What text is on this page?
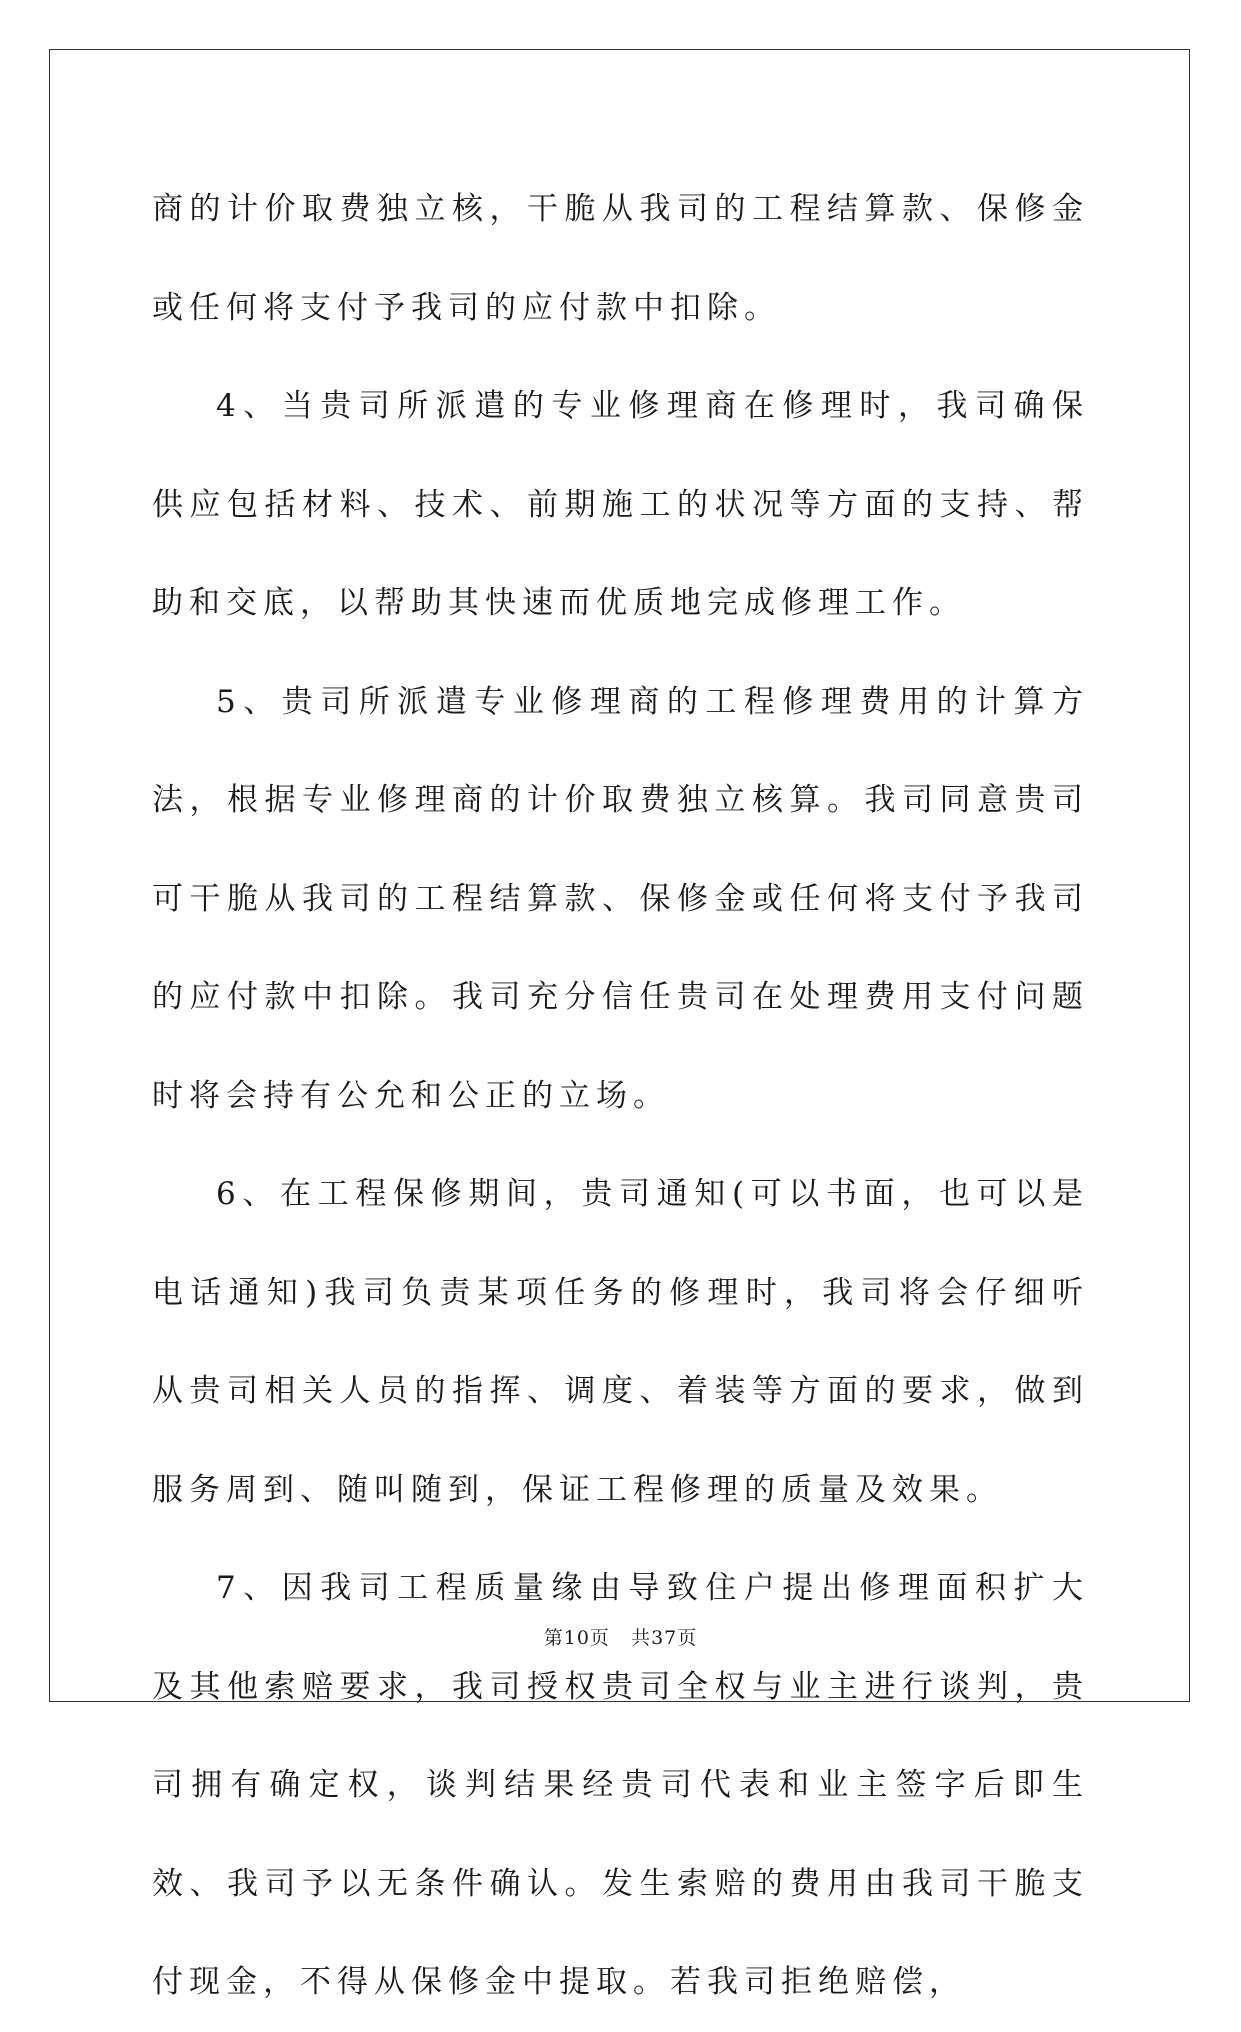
商的计价取费独立核，干脆从我司的工程结算款、保修金或任何将支付予我司的应付款中扣除。

4、当贵司所派遣的专业修理商在修理时，我司确保供应包括材料、技术、前期施工的状况等方面的支持、帮助和交底，以帮助其快速而优质地完成修理工作。

5、贵司所派遣专业修理商的工程修理费用的计算方法，根据专业修理商的计价取费独立核算。我司同意贵司可干脆从我司的工程结算款、保修金或任何将支付予我司的应付款中扣除。我司充分信任贵司在处理费用支付问题时将会持有公允和公正的立场。

6、在工程保修期间，贵司通知(可以书面，也可以是电话通知)我司负责某项任务的修理时，我司将会仔细听从贵司相关人员的指挥、调度、着装等方面的要求，做到服务周到、随叫随到，保证工程修理的质量及效果。

7、因我司工程质量缘由导致住户提出修理面积扩大及其他索赔要求，我司授权贵司全权与业主进行谈判，贵司拥有确定权，谈判结果经贵司代表和业主签字后即生效、我司予以无条件确认。发生索赔的费用由我司干脆支付现金，不得从保修金中提取。若我司拒绝赔偿，

第10页 共37页
